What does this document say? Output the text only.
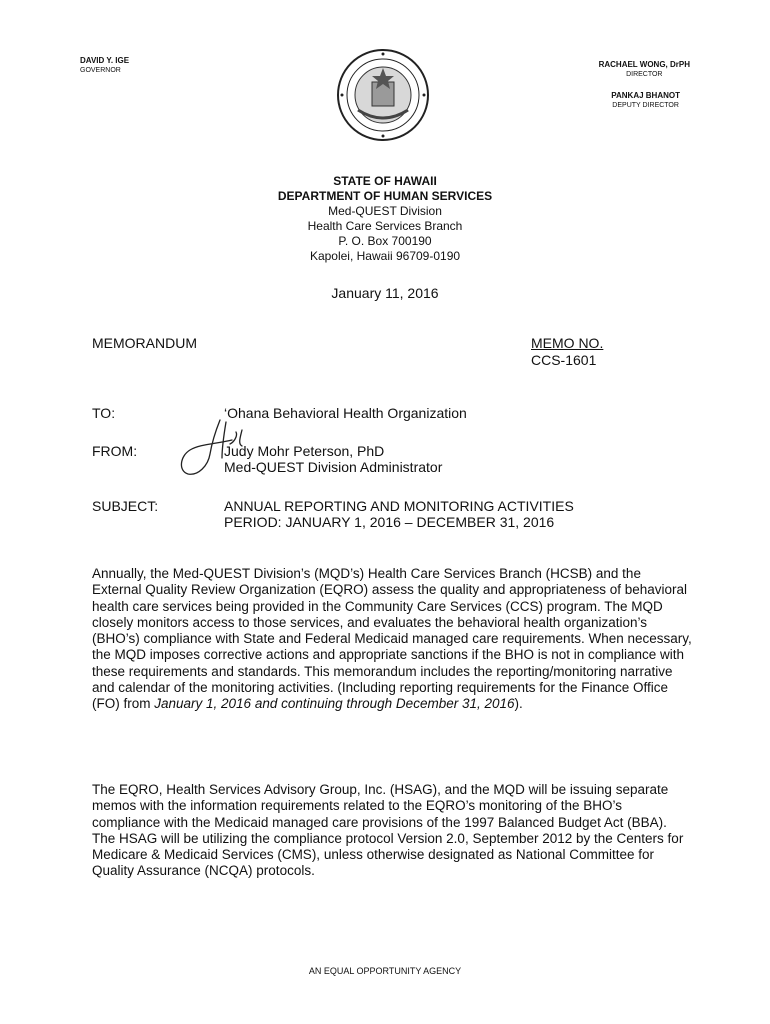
DAVID Y. IGE
GOVERNOR
RACHAEL WONG, DrPH
DIRECTOR
PANKAJ BHANOT
DEPUTY DIRECTOR
STATE OF HAWAII
DEPARTMENT OF HUMAN SERVICES
Med-QUEST Division
Health Care Services Branch
P. O. Box 700190
Kapolei, Hawaii 96709-0190
January 11, 2016
MEMORANDUM	MEMO NO.
CCS-1601
TO:	‘Ohana Behavioral Health Organization
FROM:	Judy Mohr Peterson, PhD
Med-QUEST Division Administrator
SUBJECT:	ANNUAL REPORTING AND MONITORING ACTIVITIES
PERIOD: JANUARY 1, 2016 – DECEMBER 31, 2016
Annually, the Med-QUEST Division’s (MQD’s) Health Care Services Branch (HCSB) and the External Quality Review Organization (EQRO) assess the quality and appropriateness of behavioral health care services being provided in the Community Care Services (CCS) program. The MQD closely monitors access to those services, and evaluates the behavioral health organization’s (BHO’s) compliance with State and Federal Medicaid managed care requirements. When necessary, the MQD imposes corrective actions and appropriate sanctions if the BHO is not in compliance with these requirements and standards. This memorandum includes the reporting/monitoring narrative and calendar of the monitoring activities. (Including reporting requirements for the Finance Office (FO) from January 1, 2016 and continuing through December 31, 2016).
The EQRO, Health Services Advisory Group, Inc. (HSAG), and the MQD will be issuing separate memos with the information requirements related to the EQRO’s monitoring of the BHO’s compliance with the Medicaid managed care provisions of the 1997 Balanced Budget Act (BBA). The HSAG will be utilizing the compliance protocol Version 2.0, September 2012 by the Centers for Medicare & Medicaid Services (CMS), unless otherwise designated as National Committee for Quality Assurance (NCQA) protocols.
AN EQUAL OPPORTUNITY AGENCY
